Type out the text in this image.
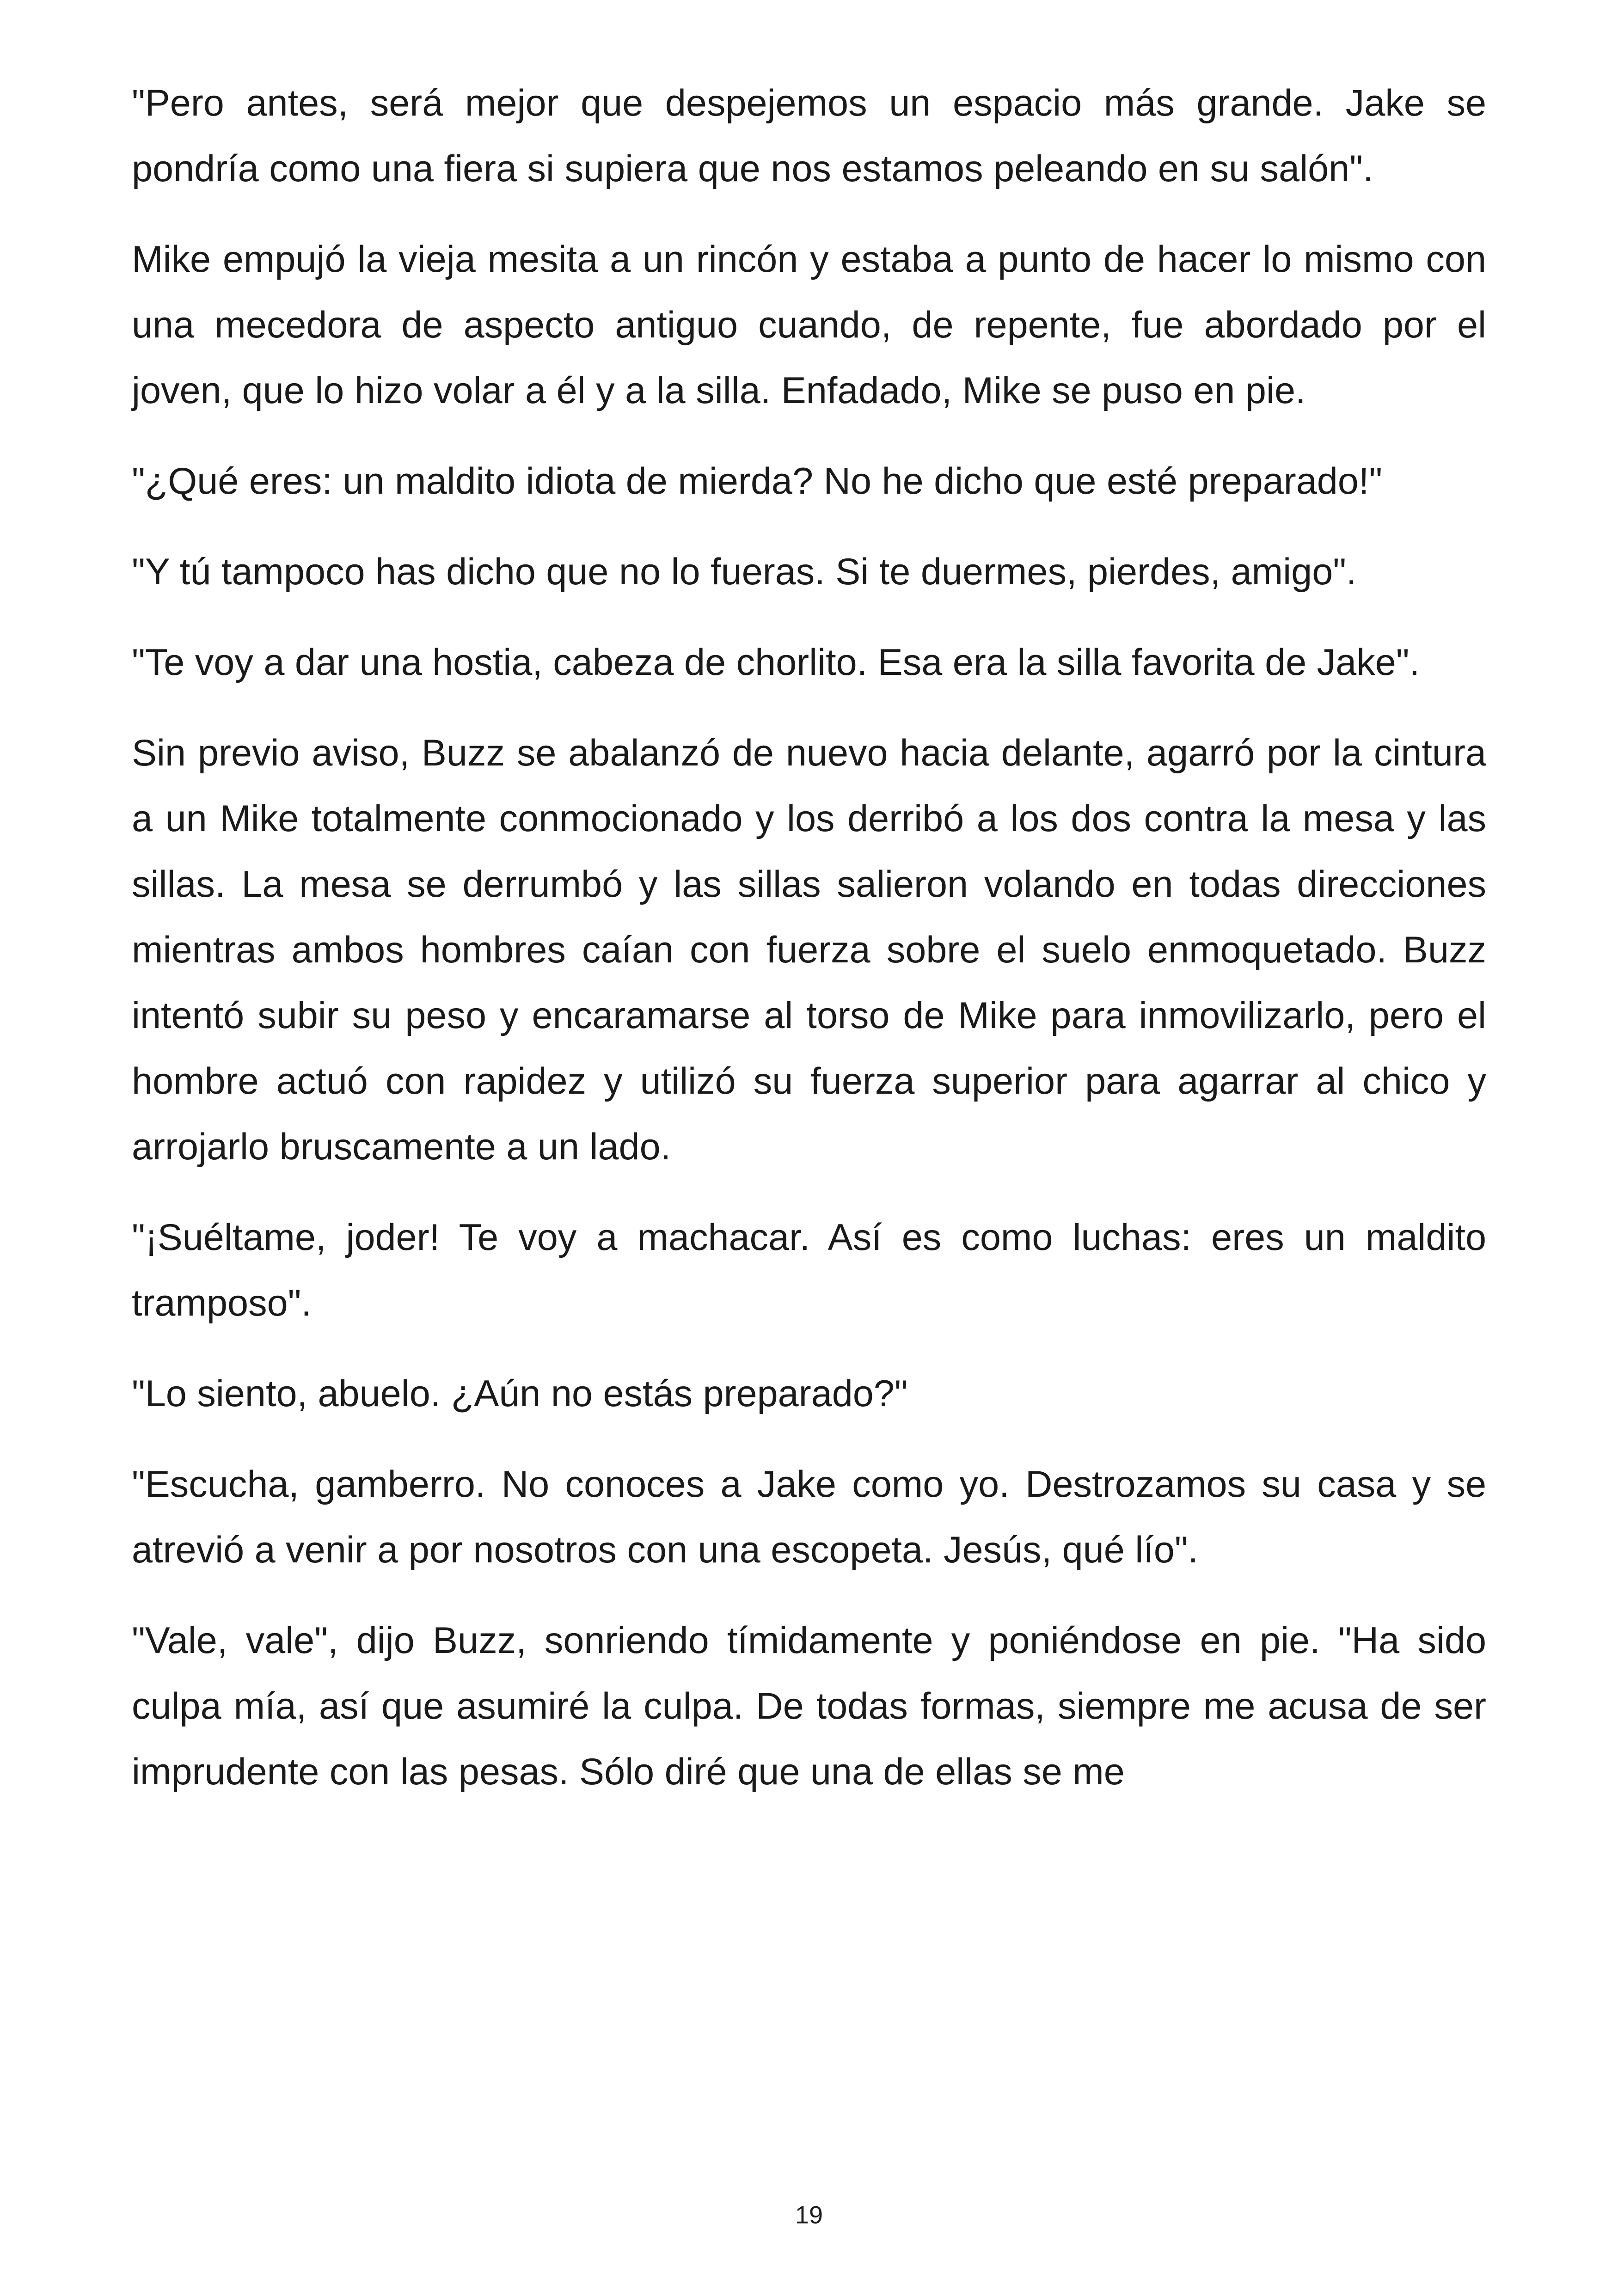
"Pero antes, será mejor que despejemos un espacio más grande. Jake se pondría como una fiera si supiera que nos estamos peleando en su salón".

Mike empujó la vieja mesita a un rincón y estaba a punto de hacer lo mismo con una mecedora de aspecto antiguo cuando, de repente, fue abordado por el joven, que lo hizo volar a él y a la silla. Enfadado, Mike se puso en pie.

"¿Qué eres: un maldito idiota de mierda? No he dicho que esté preparado!"

"Y tú tampoco has dicho que no lo fueras. Si te duermes, pierdes, amigo".

"Te voy a dar una hostia, cabeza de chorlito. Esa era la silla favorita de Jake".

Sin previo aviso, Buzz se abalanzó de nuevo hacia delante, agarró por la cintura a un Mike totalmente conmocionado y los derribó a los dos contra la mesa y las sillas. La mesa se derrumbó y las sillas salieron volando en todas direcciones mientras ambos hombres caían con fuerza sobre el suelo enmoquetado. Buzz intentó subir su peso y encaramarse al torso de Mike para inmovilizarlo, pero el hombre actuó con rapidez y utilizó su fuerza superior para agarrar al chico y arrojarlo bruscamente a un lado.

"¡Suéltame, joder! Te voy a machacar. Así es como luchas: eres un maldito tramposo".

"Lo siento, abuelo. ¿Aún no estás preparado?"

"Escucha, gamberro. No conoces a Jake como yo. Destrozamos su casa y se atrevió a venir a por nosotros con una escopeta. Jesús, qué lío".

"Vale, vale", dijo Buzz, sonriendo tímidamente y poniéndose en pie. "Ha sido culpa mía, así que asumiré la culpa. De todas formas, siempre me acusa de ser imprudente con las pesas. Sólo diré que una de ellas se me

19
